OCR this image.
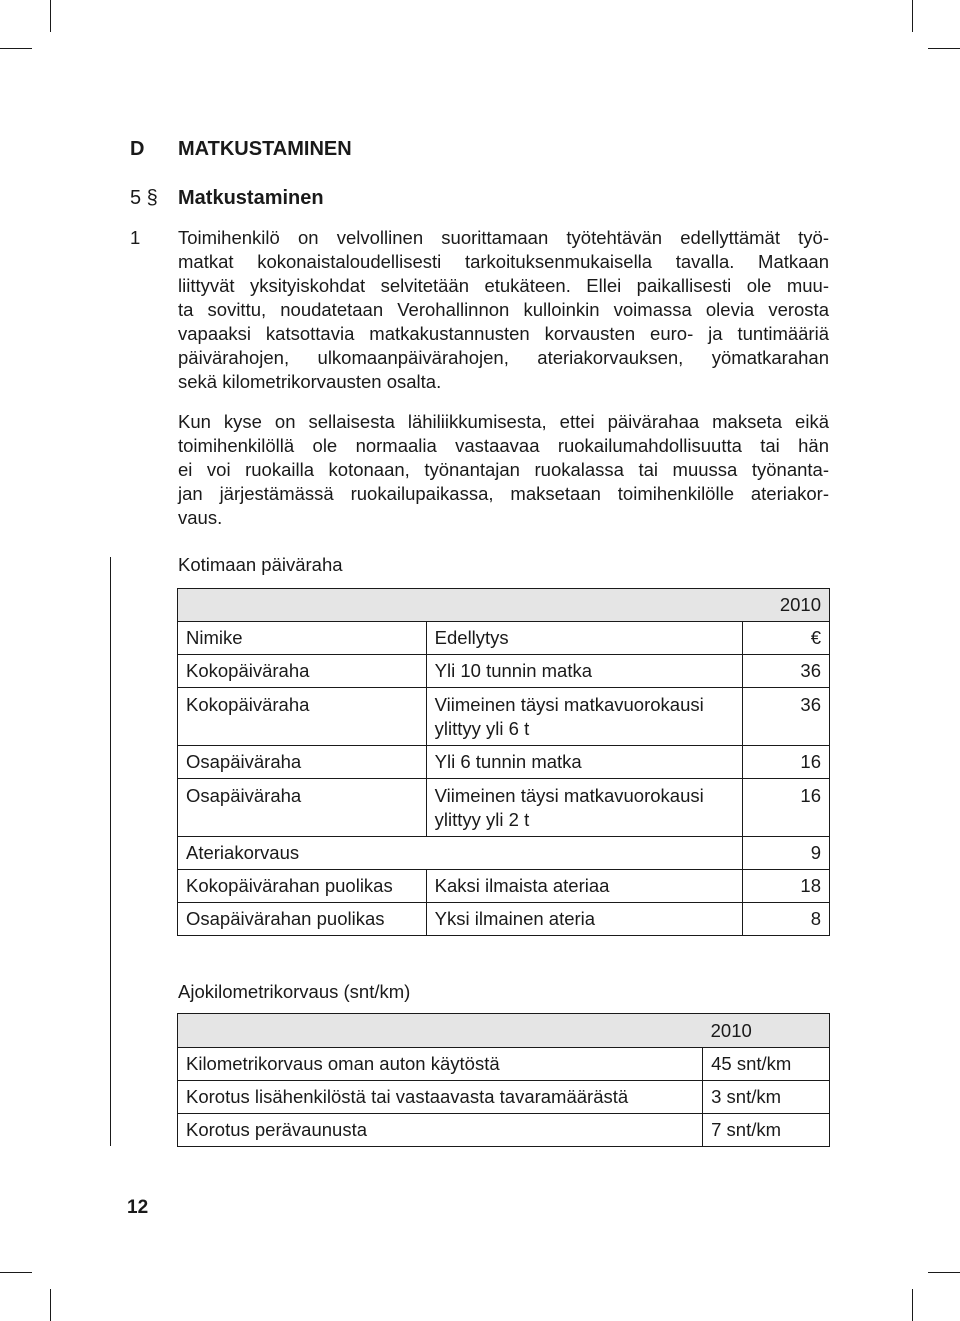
D MATKUSTAMINEN
5 § Matkustaminen
1 Toimihenkilö on velvollinen suorittamaan työtehtävän edellyttämät työ-
matkat kokonaistaloudellisesti tarkoituksenmukaisella tavalla. Matkaan
liittyvät yksityiskohdat selvitetään etukäteen. Ellei paikallisesti ole muu-
ta sovittu, noudatetaan Verohallinnon kulloinkin voimassa olevia verosta
vapaaksi katsottavia matkakustannusten korvausten euro- ja tuntimääriä
päivärahojen, ulkomaanpäivärahojen, ateriakorvauksen, yömatkarahan
sekä kilometrikorvausten osalta.
Kun kyse on sellaisesta lähiliikkumisesta, ettei päivärahaa makseta eikä
toimihenkilöllä ole normaalia vastaavaa ruokailumahdollisuutta tai hän
ei voi ruokailla kotonaan, työnantajan ruokalassa tai muussa työnanta-
jan järjestämässä ruokailupaikassa, maksetaan toimihenkilölle ateriakor-
vaus.
Kotimaan päiväraha
		2010
Nimike	Edellytys	€
Kokopäiväraha	Yli 10 tunnin matka	36
Kokopäiväraha	Viimeinen täysi matkavuorokausi ylittyy yli 6 t	36
Osapäiväraha	Yli 6 tunnin matka	16
Osapäiväraha	Viimeinen täysi matkavuorokausi ylittyy yli 2 t	16
Ateriakorvaus		9
Kokopäivärahan puolikas	Kaksi ilmaista ateriaa	18
Osapäivärahan puolikas	Yksi ilmainen ateria	8
Ajokilometrikorvaus (snt/km)
	2010
Kilometrikorvaus oman auton käytöstä	45 snt/km
Korotus lisähenkilöstä tai vastaavasta tavaramäärästä	3 snt/km
Korotus perävaunusta	7 snt/km
12
